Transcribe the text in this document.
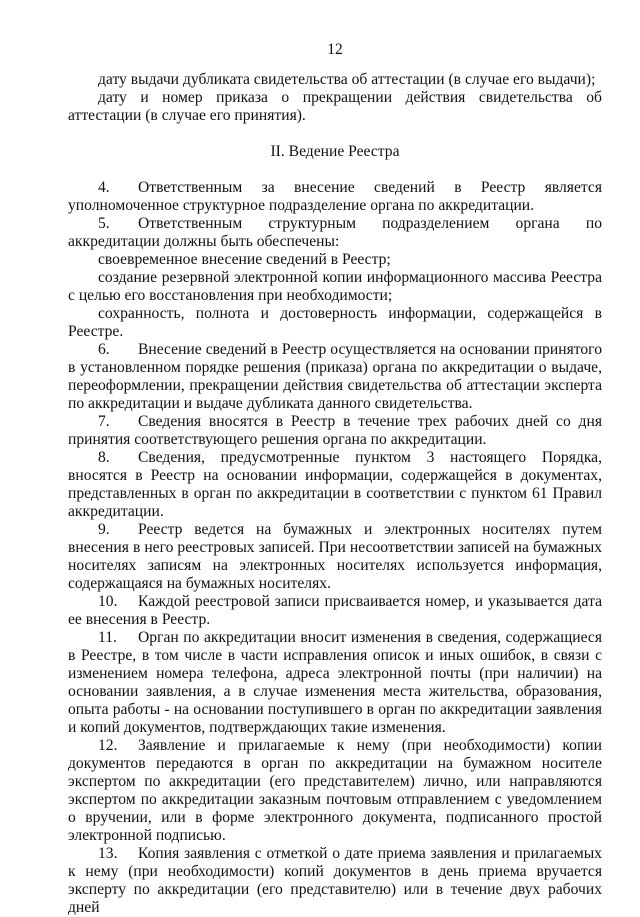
12

дату выдачи дубликата свидетельства об аттестации (в случае его выдачи);

дату и номер приказа о прекращении действия свидетельства об аттестации (в случае его принятия).

II. Ведение Реестра

4. Ответственным за внесение сведений в Реестр является уполномоченное структурное подразделение органа по аккредитации.

5. Ответственным структурным подразделением органа по аккредитации должны быть обеспечены:

своевременное внесение сведений в Реестр;

создание резервной электронной копии информационного массива Реестра с целью его восстановления при необходимости;

сохранность, полнота и достоверность информации, содержащейся в Реестре.

6. Внесение сведений в Реестр осуществляется на основании принятого в установленном порядке решения (приказа) органа по аккредитации о выдаче, переоформлении, прекращении действия свидетельства об аттестации эксперта по аккредитации и выдаче дубликата данного свидетельства.

7. Сведения вносятся в Реестр в течение трех рабочих дней со дня принятия соответствующего решения органа по аккредитации.

8. Сведения, предусмотренные пунктом 3 настоящего Порядка, вносятся в Реестр на основании информации, содержащейся в документах, представленных в орган по аккредитации в соответствии с пунктом 61 Правил аккредитации.

9. Реестр ведется на бумажных и электронных носителях путем внесения в него реестровых записей. При несоответствии записей на бумажных носителях записям на электронных носителях используется информация, содержащаяся на бумажных носителях.

10. Каждой реестровой записи присваивается номер, и указывается дата ее внесения в Реестр.

11. Орган по аккредитации вносит изменения в сведения, содержащиеся в Реестре, в том числе в части исправления описок и иных ошибок, в связи с изменением номера телефона, адреса электронной почты (при наличии) на основании заявления, а в случае изменения места жительства, образования, опыта работы - на основании поступившего в орган по аккредитации заявления и копий документов, подтверждающих такие изменения.

12. Заявление и прилагаемые к нему (при необходимости) копии документов передаются в орган по аккредитации на бумажном носителе экспертом по аккредитации (его представителем) лично, или направляются экспертом по аккредитации заказным почтовым отправлением с уведомлением о вручении, или в форме электронного документа, подписанного простой электронной подписью.

13. Копия заявления с отметкой о дате приема заявления и прилагаемых к нему (при необходимости) копий документов в день приема вручается эксперту по аккредитации (его представителю) или в течение двух рабочих дней
